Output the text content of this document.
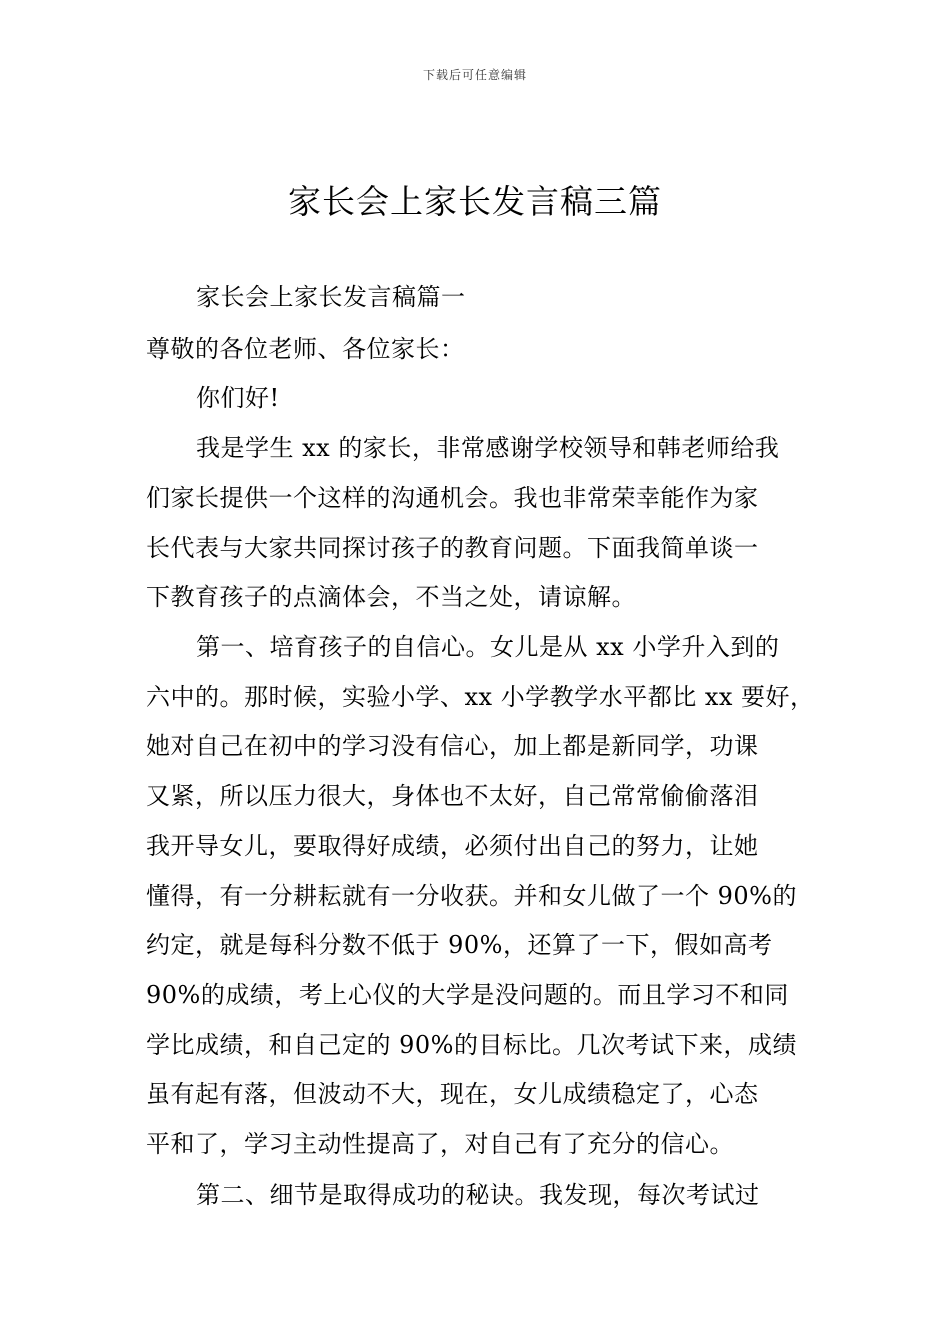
下载后可任意编辑
家长会上家长发言稿三篇
家长会上家长发言稿篇一
尊敬的各位老师、各位家长：
你们好!
我是学生 xx 的家长，非常感谢学校领导和韩老师给我
们家长提供一个这样的沟通机会。我也非常荣幸能作为家
长代表与大家共同探讨孩子的教育问题。下面我简单谈一
下教育孩子的点滴体会，不当之处，请谅解。
第一、培育孩子的自信心。女儿是从 xx 小学升入到的
六中的。那时候，实验小学、xx 小学教学水平都比 xx 要好，
她对自己在初中的学习没有信心，加上都是新同学，功课
又紧，所以压力很大，身体也不太好，自己常常偷偷落泪
我开导女儿，要取得好成绩，必须付出自己的努力，让她
懂得，有一分耕耘就有一分收获。并和女儿做了一个 90%的
约定，就是每科分数不低于 90%，还算了一下，假如高考
90%的成绩，考上心仪的大学是没问题的。而且学习不和同
学比成绩，和自己定的 90%的目标比。几次考试下来，成绩
虽有起有落，但波动不大，现在，女儿成绩稳定了，心态
平和了，学习主动性提高了，对自己有了充分的信心。
第二、细节是取得成功的秘诀。我发现，每次考试过
